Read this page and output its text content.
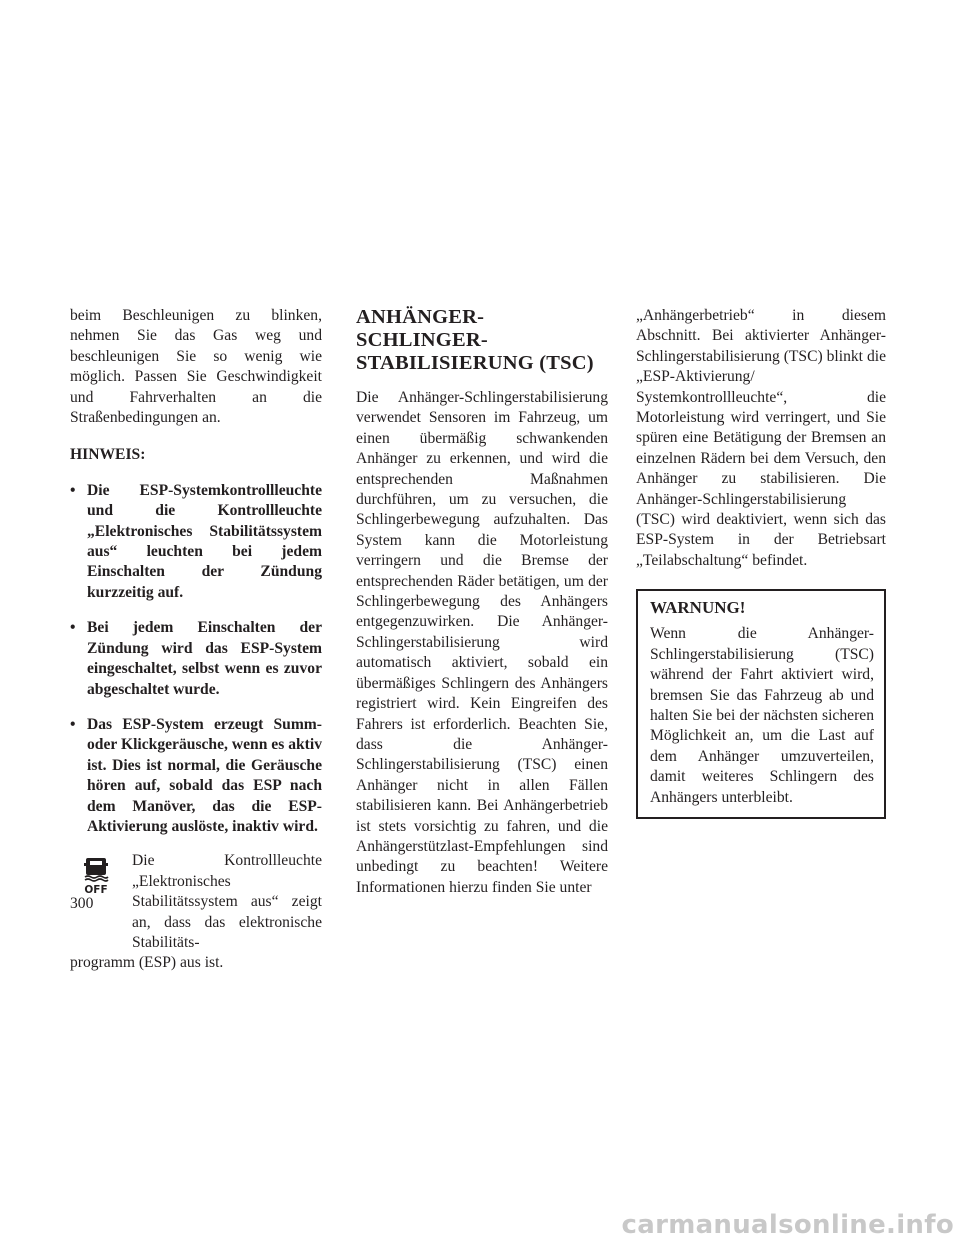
beim Beschleunigen zu blinken, nehmen Sie das Gas weg und beschleunigen Sie so wenig wie möglich. Passen Sie Geschwindigkeit und Fahrverhalten an die Straßenbedingungen an.

HINWEIS:

• Die ESP-Systemkontrollleuchte und die Kontrollleuchte „Elektronisches Stabilitätssystem aus“ leuchten bei jedem Einschalten der Zündung kurzzeitig auf.
• Bei jedem Einschalten der Zündung wird das ESP-System eingeschaltet, selbst wenn es zuvor abgeschaltet wurde.
• Das ESP-System erzeugt Summ- oder Klickgeräusche, wenn es aktiv ist. Dies ist normal, die Geräusche hören auf, sobald das ESP nach dem Manöver, das die ESP-Aktivierung auslöste, inaktiv wird.
OFF

Die Kontrollleuchte „Elektronisches Stabilitätssystem aus“ zeigt an, dass das elektronische Stabilitäts-

programm (ESP) aus ist.

ANHÄNGER-SCHLINGER-
STABILISIERUNG (TSC)

Die Anhänger-Schlingerstabilisierung verwendet Sensoren im Fahrzeug, um einen übermäßig schwankenden Anhänger zu erkennen, und wird die entsprechenden Maßnahmen durchführen, um zu versuchen, die Schlingerbewegung aufzuhalten. Das System kann die Motorleistung verringern und die Bremse der entsprechenden Räder betätigen, um der Schlingerbewegung des Anhängers entgegenzuwirken. Die Anhänger-Schlingerstabilisierung wird automatisch aktiviert, sobald ein übermäßiges Schlingern des Anhängers registriert wird. Kein Eingreifen des Fahrers ist erforderlich. Beachten Sie, dass die Anhänger-Schlingerstabilisierung (TSC) einen Anhänger nicht in allen Fällen stabilisieren kann. Bei Anhängerbetrieb ist stets vorsichtig zu fahren, und die Anhängerstützlast-Empfehlungen sind unbedingt zu beachten! Weitere Informationen hierzu finden Sie unter

„Anhängerbetrieb“ in diesem Abschnitt. Bei aktivierter Anhänger-Schlingerstabilisierung (TSC) blinkt die „ESP-Aktivierung/ Systemkontrollleuchte“, die Motorleistung wird verringert, und Sie spüren eine Betätigung der Bremsen an einzelnen Rädern bei dem Versuch, den Anhänger zu stabilisieren. Die Anhänger-Schlingerstabilisierung (TSC) wird deaktiviert, wenn sich das ESP-System in der Betriebsart „Teilabschaltung“ befindet.

WARNUNG!

Wenn die Anhänger-Schlingerstabilisierung (TSC) während der Fahrt aktiviert wird, bremsen Sie das Fahrzeug ab und halten Sie bei der nächsten sicheren Möglichkeit an, um die Last auf dem Anhänger umzuverteilen, damit weiteres Schlingern des Anhängers unterbleibt.

300
carmanualsonline.info
